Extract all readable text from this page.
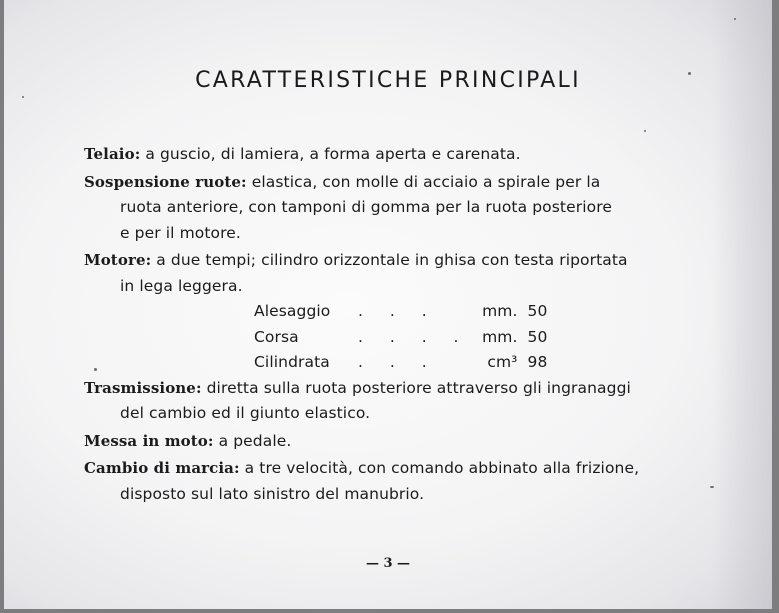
CARATTERISTICHE PRINCIPALI

Telaio: a guscio, di lamiera, a forma aperta e carenata.

Sospensione ruote: elastica, con molle di acciaio a spirale per la
ruota anteriore, con tamponi di gomma per la ruota posteriore
e per il motore.

Motore: a due tempi; cilindro orizzontale in ghisa con testa riportata
in lega leggera.

Alesaggio	. . .	mm.	50
Corsa	. . . .	mm.	50
Cilindrata	. . .	cm³	98

Trasmissione: diretta sulla ruota posteriore attraverso gli ingranaggi
del cambio ed il giunto elastico.

Messa in moto: a pedale.

Cambio di marcia: a tre velocità, con comando abbinato alla frizione,
disposto sul lato sinistro del manubrio.

— 3 —
